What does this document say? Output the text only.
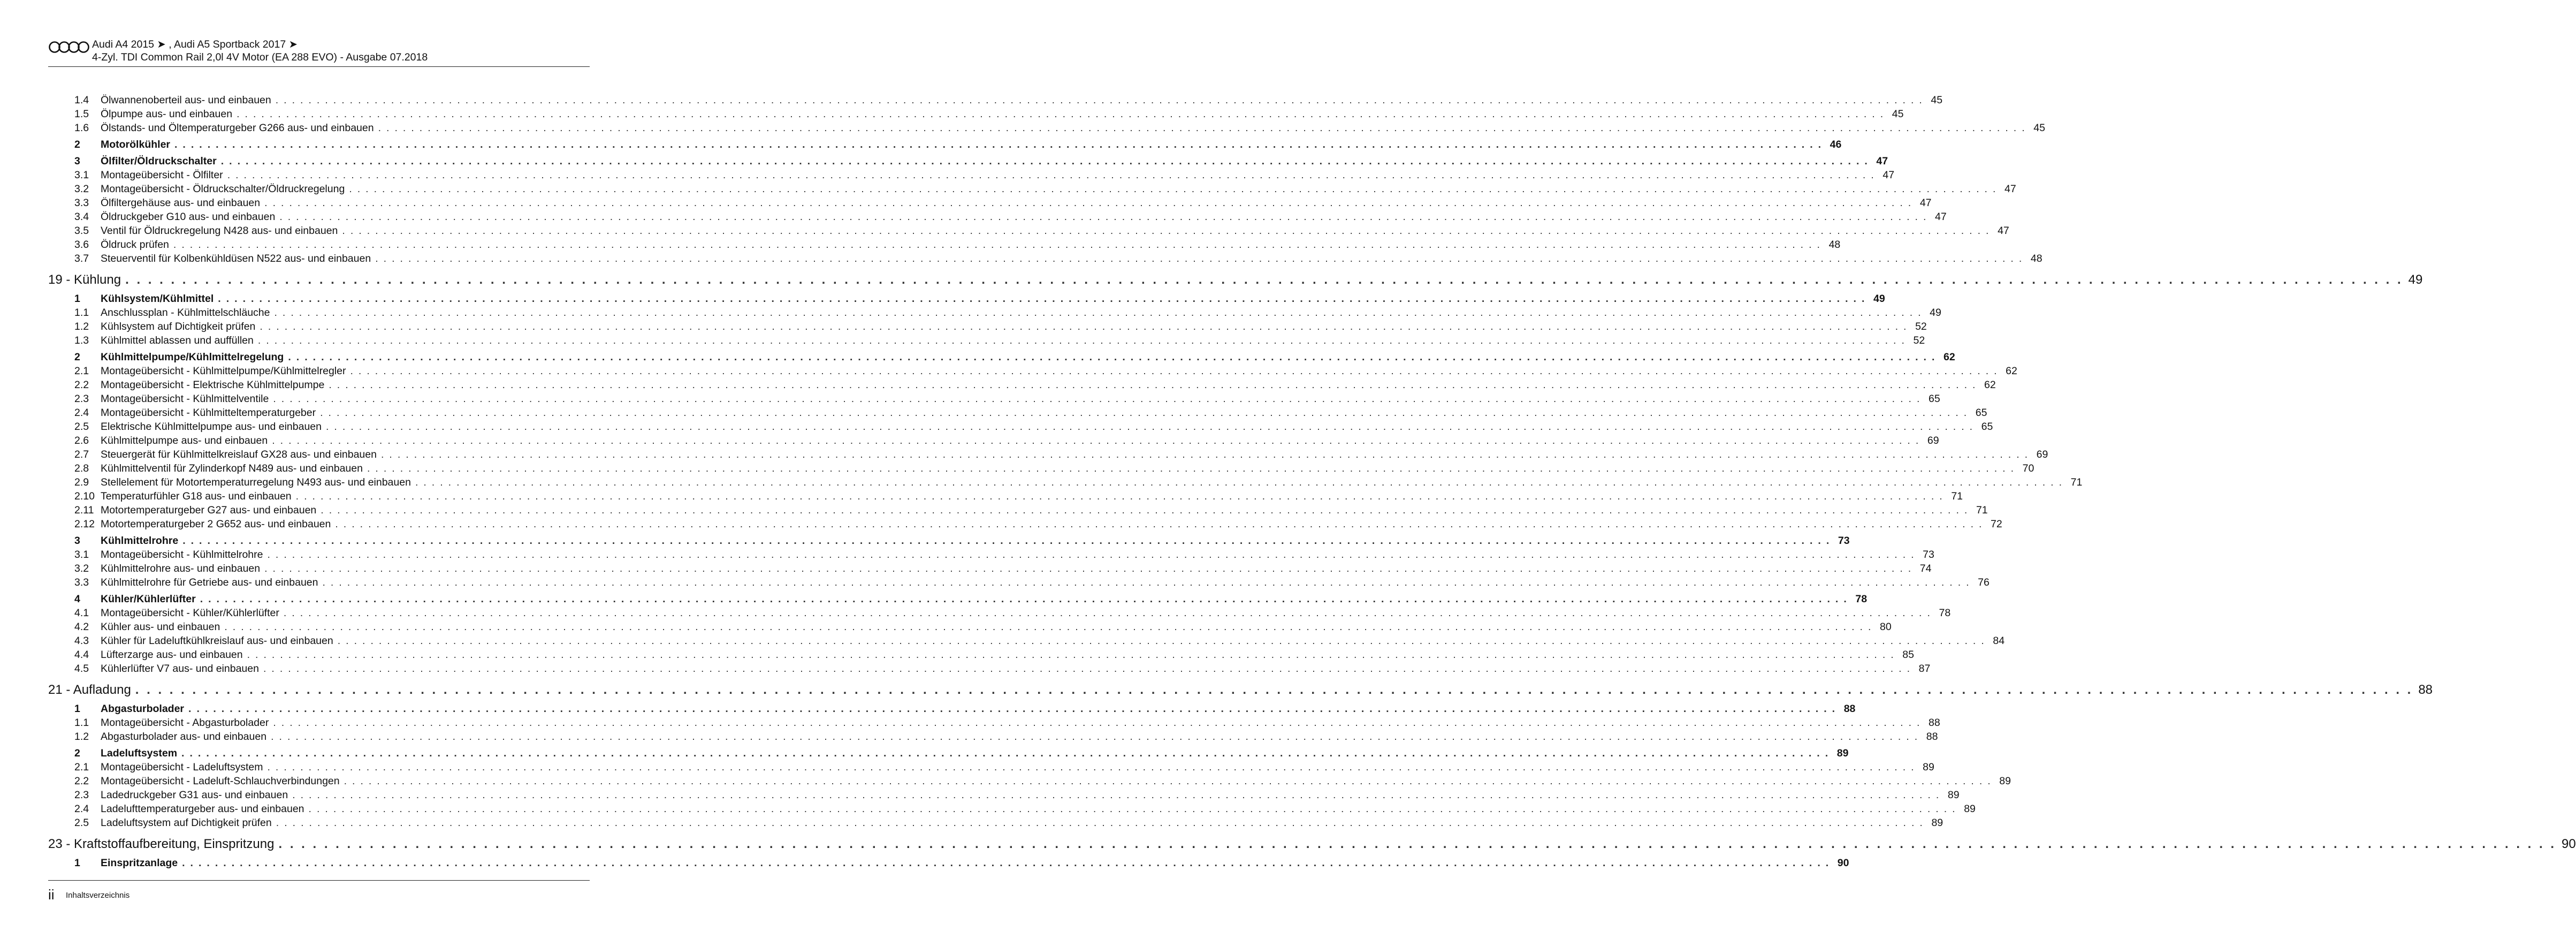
Audi A4 2015 ➤ , Audi A5 Sportback 2017 ➤
4-Zyl. TDI Common Rail 2,0l 4V Motor (EA 288 EVO) - Ausgabe 07.2018
1.4	Ölwannenoberteil aus- und einbauen . . . . . . . . . . . . . . . . . . . . . . . . . . . . . . . . . . . . . . . . . . . . . . . . . . . . . . . . . . . . . . . . . . . . . . . . . . . . . . . . . . . . . . . . . . . . . . . . . . . . . . . . . . . . . . . . . . . . . . . . . . . . . . . . . . . . . . . . . . . . . . . . . . . . . . . . . . . . . . . . . . . . . . . . . . . . . . . . . . . . . . . . . . . . . . . . . . . . . . . . 45
1.5	Ölpumpe aus- und einbauen . . . . . . . . . . . . . . . . . . . . . . . . . . . . . . . . . . . . . . . . . . . . . . . . . . . . . . . . . . . . . . . . . . . . . . . . . . . . . . . . . . . . . . . . . . . . . . . . . . . . . . . . . . . . . . . . . . . . . . . . . . . . . . . . . . . . . . . . . . . . . . . . . . . . . . . . . . . . . . . . . . . . . . . . . . . . . . . . . . . . . . . . . . . . . . . . . . . . . . . . 45
1.6	Ölstands- und Öltemperaturgeber G266 aus- und einbauen . . . . . . . . . . . . . . . . . . . . . . . . . . . . . . . . . . . . . . . . . . . . . . . . . . . . . . . . . . . . . . . . . . . . . . . . . . . . . . . . . . . . . . . . . . . . . . . . . . . . . . . . . . . . . . . . . . . . . . . . . . . . . . . . . . . . . . . . . . . . . . . . . . . . . . . . . . . . . . . . . . . . . . . . . . . . . . . . . . . . . . . . . . . . . . . . . . . . . . . . 45
2	Motorölkühler . . . . . . . . . . . . . . . . . . . . . . . . . . . . . . . . . . . . . . . . . . . . . . . . . . . . . . . . . . . . . . . . . . . . . . . . . . . . . . . . . . . . . . . . . . . . . . . . . . . . . . . . . . . . . . . . . . . . . . . . . . . . . . . . . . . . . . . . . . . . . . . . . . . . . . . . . . . . . . . . . . . . . . . . . . . . . . . . . . . . . . . . . . . . . . . . . . . . . . . . 46
3	Ölfilter/Öldruckschalter . . . . . . . . . . . . . . . . . . . . . . . . . . . . . . . . . . . . . . . . . . . . . . . . . . . . . . . . . . . . . . . . . . . . . . . . . . . . . . . . . . . . . . . . . . . . . . . . . . . . . . . . . . . . . . . . . . . . . . . . . . . . . . . . . . . . . . . . . . . . . . . . . . . . . . . . . . . . . . . . . . . . . . . . . . . . . . . . . . . . . . . . . . . . . . . . . . . . . . . . 47
3.1	Montageübersicht - Ölfilter . . . . . . . . . . . . . . . . . . . . . . . . . . . . . . . . . . . . . . . . . . . . . . . . . . . . . . . . . . . . . . . . . . . . . . . . . . . . . . . . . . . . . . . . . . . . . . . . . . . . . . . . . . . . . . . . . . . . . . . . . . . . . . . . . . . . . . . . . . . . . . . . . . . . . . . . . . . . . . . . . . . . . . . . . . . . . . . . . . . . . . . . . . . . . . . . . . . . . . . . 47
3.2	Montageübersicht - Öldruckschalter/Öldruckregelung . . . . . . . . . . . . . . . . . . . . . . . . . . . . . . . . . . . . . . . . . . . . . . . . . . . . . . . . . . . . . . . . . . . . . . . . . . . . . . . . . . . . . . . . . . . . . . . . . . . . . . . . . . . . . . . . . . . . . . . . . . . . . . . . . . . . . . . . . . . . . . . . . . . . . . . . . . . . . . . . . . . . . . . . . . . . . . . . . . . . . . . . . . . . . . . . . . . . . . . . 47
3.3	Ölfiltergehäuse aus- und einbauen . . . . . . . . . . . . . . . . . . . . . . . . . . . . . . . . . . . . . . . . . . . . . . . . . . . . . . . . . . . . . . . . . . . . . . . . . . . . . . . . . . . . . . . . . . . . . . . . . . . . . . . . . . . . . . . . . . . . . . . . . . . . . . . . . . . . . . . . . . . . . . . . . . . . . . . . . . . . . . . . . . . . . . . . . . . . . . . . . . . . . . . . . . . . . . . . . . . . . . . . 47
3.4	Öldruckgeber G10 aus- und einbauen . . . . . . . . . . . . . . . . . . . . . . . . . . . . . . . . . . . . . . . . . . . . . . . . . . . . . . . . . . . . . . . . . . . . . . . . . . . . . . . . . . . . . . . . . . . . . . . . . . . . . . . . . . . . . . . . . . . . . . . . . . . . . . . . . . . . . . . . . . . . . . . . . . . . . . . . . . . . . . . . . . . . . . . . . . . . . . . . . . . . . . . . . . . . . . . . . . . . . . . . 47
3.5	Ventil für Öldruckregelung N428 aus- und einbauen . . . . . . . . . . . . . . . . . . . . . . . . . . . . . . . . . . . . . . . . . . . . . . . . . . . . . . . . . . . . . . . . . . . . . . . . . . . . . . . . . . . . . . . . . . . . . . . . . . . . . . . . . . . . . . . . . . . . . . . . . . . . . . . . . . . . . . . . . . . . . . . . . . . . . . . . . . . . . . . . . . . . . . . . . . . . . . . . . . . . . . . . . . . . . . . . . . . . . . . . 47
3.6	Öldruck prüfen . . . . . . . . . . . . . . . . . . . . . . . . . . . . . . . . . . . . . . . . . . . . . . . . . . . . . . . . . . . . . . . . . . . . . . . . . . . . . . . . . . . . . . . . . . . . . . . . . . . . . . . . . . . . . . . . . . . . . . . . . . . . . . . . . . . . . . . . . . . . . . . . . . . . . . . . . . . . . . . . . . . . . . . . . . . . . . . . . . . . . . . . . . . . . . . . . . . . . . . . 48
3.7	Steuerventil für Kolbenkühldüsen N522 aus- und einbauen . . . . . . . . . . . . . . . . . . . . . . . . . . . . . . . . . . . . . . . . . . . . . . . . . . . . . . . . . . . . . . . . . . . . . . . . . . . . . . . . . . . . . . . . . . . . . . . . . . . . . . . . . . . . . . . . . . . . . . . . . . . . . . . . . . . . . . . . . . . . . . . . . . . . . . . . . . . . . . . . . . . . . . . . . . . . . . . . . . . . . . . . . . . . . . . . . . . . . . . . 48
19 - Kühlung . . . . . . . . . . . . . . . . . . . . . . . . . . . . . . . . . . . . . . . . . . . . . . . . . . . . . . . . . . . . . . . . . . . . . . . . . . . . . . . . . . . . . . . . . . . . . . . . . . . . . . . . . . . . . . . . . . . . . . . . . . . . . . . . . . . . . . . . . . . . . . . . . . . . . . . . . . . . . . . . . . . . . . . . . . . . . . . . . . . . . . . . . . . . . . . . . . . . . . . . 49
1	Kühlsystem/Kühlmittel . . . . . . . . . . . . . . . . . . . . . . . . . . . . . . . . . . . . . . . . . . . . . . . . . . . . . . . . . . . . . . . . . . . . . . . . . . . . . . . . . . . . . . . . . . . . . . . . . . . . . . . . . . . . . . . . . . . . . . . . . . . . . . . . . . . . . . . . . . . . . . . . . . . . . . . . . . . . . . . . . . . . . . . . . . . . . . . . . . . . . . . . . . . . . . . . . . . . . . . . 49
1.1	Anschlussplan - Kühlmittelschläuche . . . . . . . . . . . . . . . . . . . . . . . . . . . . . . . . . . . . . . . . . . . . . . . . . . . . . . . . . . . . . . . . . . . . . . . . . . . . . . . . . . . . . . . . . . . . . . . . . . . . . . . . . . . . . . . . . . . . . . . . . . . . . . . . . . . . . . . . . . . . . . . . . . . . . . . . . . . . . . . . . . . . . . . . . . . . . . . . . . . . . . . . . . . . . . . . . . . . . . . . 49
1.2	Kühlsystem auf Dichtigkeit prüfen . . . . . . . . . . . . . . . . . . . . . . . . . . . . . . . . . . . . . . . . . . . . . . . . . . . . . . . . . . . . . . . . . . . . . . . . . . . . . . . . . . . . . . . . . . . . . . . . . . . . . . . . . . . . . . . . . . . . . . . . . . . . . . . . . . . . . . . . . . . . . . . . . . . . . . . . . . . . . . . . . . . . . . . . . . . . . . . . . . . . . . . . . . . . . . . . . . . . . . . . 52
1.3	Kühlmittel ablassen und auffüllen . . . . . . . . . . . . . . . . . . . . . . . . . . . . . . . . . . . . . . . . . . . . . . . . . . . . . . . . . . . . . . . . . . . . . . . . . . . . . . . . . . . . . . . . . . . . . . . . . . . . . . . . . . . . . . . . . . . . . . . . . . . . . . . . . . . . . . . . . . . . . . . . . . . . . . . . . . . . . . . . . . . . . . . . . . . . . . . . . . . . . . . . . . . . . . . . . . . . . . . . 52
2	Kühlmittelpumpe/Kühlmittelregelung . . . . . . . . . . . . . . . . . . . . . . . . . . . . . . . . . . . . . . . . . . . . . . . . . . . . . . . . . . . . . . . . . . . . . . . . . . . . . . . . . . . . . . . . . . . . . . . . . . . . . . . . . . . . . . . . . . . . . . . . . . . . . . . . . . . . . . . . . . . . . . . . . . . . . . . . . . . . . . . . . . . . . . . . . . . . . . . . . . . . . . . . . . . . . . . . . . . . . . . . 62
2.1	Montageübersicht - Kühlmittelpumpe/Kühlmittelregler . . . . . . . . . . . . . . . . . . . . . . . . . . . . . . . . . . . . . . . . . . . . . . . . . . . . . . . . . . . . . . . . . . . . . . . . . . . . . . . . . . . . . . . . . . . . . . . . . . . . . . . . . . . . . . . . . . . . . . . . . . . . . . . . . . . . . . . . . . . . . . . . . . . . . . . . . . . . . . . . . . . . . . . . . . . . . . . . . . . . . . . . . . . . . . . . . . . . . . . . 62
2.2	Montageübersicht - Elektrische Kühlmittelpumpe . . . . . . . . . . . . . . . . . . . . . . . . . . . . . . . . . . . . . . . . . . . . . . . . . . . . . . . . . . . . . . . . . . . . . . . . . . . . . . . . . . . . . . . . . . . . . . . . . . . . . . . . . . . . . . . . . . . . . . . . . . . . . . . . . . . . . . . . . . . . . . . . . . . . . . . . . . . . . . . . . . . . . . . . . . . . . . . . . . . . . . . . . . . . . . . . . . . . . . . . 62
2.3	Montageübersicht - Kühlmittelventile . . . . . . . . . . . . . . . . . . . . . . . . . . . . . . . . . . . . . . . . . . . . . . . . . . . . . . . . . . . . . . . . . . . . . . . . . . . . . . . . . . . . . . . . . . . . . . . . . . . . . . . . . . . . . . . . . . . . . . . . . . . . . . . . . . . . . . . . . . . . . . . . . . . . . . . . . . . . . . . . . . . . . . . . . . . . . . . . . . . . . . . . . . . . . . . . . . . . . . . . 65
2.4	Montageübersicht - Kühlmitteltemperaturgeber . . . . . . . . . . . . . . . . . . . . . . . . . . . . . . . . . . . . . . . . . . . . . . . . . . . . . . . . . . . . . . . . . . . . . . . . . . . . . . . . . . . . . . . . . . . . . . . . . . . . . . . . . . . . . . . . . . . . . . . . . . . . . . . . . . . . . . . . . . . . . . . . . . . . . . . . . . . . . . . . . . . . . . . . . . . . . . . . . . . . . . . . . . . . . . . . . . . . . . . . 65
2.5	Elektrische Kühlmittelpumpe aus- und einbauen . . . . . . . . . . . . . . . . . . . . . . . . . . . . . . . . . . . . . . . . . . . . . . . . . . . . . . . . . . . . . . . . . . . . . . . . . . . . . . . . . . . . . . . . . . . . . . . . . . . . . . . . . . . . . . . . . . . . . . . . . . . . . . . . . . . . . . . . . . . . . . . . . . . . . . . . . . . . . . . . . . . . . . . . . . . . . . . . . . . . . . . . . . . . . . . . . . . . . . . . 65
2.6	Kühlmittelpumpe aus- und einbauen . . . . . . . . . . . . . . . . . . . . . . . . . . . . . . . . . . . . . . . . . . . . . . . . . . . . . . . . . . . . . . . . . . . . . . . . . . . . . . . . . . . . . . . . . . . . . . . . . . . . . . . . . . . . . . . . . . . . . . . . . . . . . . . . . . . . . . . . . . . . . . . . . . . . . . . . . . . . . . . . . . . . . . . . . . . . . . . . . . . . . . . . . . . . . . . . . . . . . . . . 69
2.7	Steuergerät für Kühlmittelkreislauf GX28 aus- und einbauen . . . . . . . . . . . . . . . . . . . . . . . . . . . . . . . . . . . . . . . . . . . . . . . . . . . . . . . . . . . . . . . . . . . . . . . . . . . . . . . . . . . . . . . . . . . . . . . . . . . . . . . . . . . . . . . . . . . . . . . . . . . . . . . . . . . . . . . . . . . . . . . . . . . . . . . . . . . . . . . . . . . . . . . . . . . . . . . . . . . . . . . . . . . . . . . . . . . . . . . . 69
2.8	Kühlmittelventil für Zylinderkopf N489 aus- und einbauen . . . . . . . . . . . . . . . . . . . . . . . . . . . . . . . . . . . . . . . . . . . . . . . . . . . . . . . . . . . . . . . . . . . . . . . . . . . . . . . . . . . . . . . . . . . . . . . . . . . . . . . . . . . . . . . . . . . . . . . . . . . . . . . . . . . . . . . . . . . . . . . . . . . . . . . . . . . . . . . . . . . . . . . . . . . . . . . . . . . . . . . . . . . . . . . . . . . . . . . . 70
2.9	Stellelement für Motortemperaturregelung N493 aus- und einbauen . . . . . . . . . . . . . . . . . . . . . . . . . . . . . . . . . . . . . . . . . . . . . . . . . . . . . . . . . . . . . . . . . . . . . . . . . . . . . . . . . . . . . . . . . . . . . . . . . . . . . . . . . . . . . . . . . . . . . . . . . . . . . . . . . . . . . . . . . . . . . . . . . . . . . . . . . . . . . . . . . . . . . . . . . . . . . . . . . . . . . . . . . . . . . . . . . . . . . . . . 71
2.10 Temperaturfühler G18 aus- und einbauen . . . . . . . . . . . . . . . . . . . . . . . . . . . . . . . . . . . . . . . . . . . . . . . . . . . . . . . . . . . . . . . . . . . . . . . . . . . . . . . . . . . . . . . . . . . . . . . . . . . . . . . . . . . . . . . . . . . . . . . . . . . . . . . . . . . . . . . . . . . . . . . . . . . . . . . . . . . . . . . . . . . . . . . . . . . . . . . . . . . . . . . . . . . . . . . . . . . . . . . . 71
2.11 Motortemperaturgeber G27 aus- und einbauen . . . . . . . . . . . . . . . . . . . . . . . . . . . . . . . . . . . . . . . . . . . . . . . . . . . . . . . . . . . . . . . . . . . . . . . . . . . . . . . . . . . . . . . . . . . . . . . . . . . . . . . . . . . . . . . . . . . . . . . . . . . . . . . . . . . . . . . . . . . . . . . . . . . . . . . . . . . . . . . . . . . . . . . . . . . . . . . . . . . . . . . . . . . . . . . . . . . . . . . . 71
2.12 Motortemperaturgeber 2 G652 aus- und einbauen . . . . . . . . . . . . . . . . . . . . . . . . . . . . . . . . . . . . . . . . . . . . . . . . . . . . . . . . . . . . . . . . . . . . . . . . . . . . . . . . . . . . . . . . . . . . . . . . . . . . . . . . . . . . . . . . . . . . . . . . . . . . . . . . . . . . . . . . . . . . . . . . . . . . . . . . . . . . . . . . . . . . . . . . . . . . . . . . . . . . . . . . . . . . . . . . . . . . . . . . 72
3	Kühlmittelrohre . . . . . . . . . . . . . . . . . . . . . . . . . . . . . . . . . . . . . . . . . . . . . . . . . . . . . . . . . . . . . . . . . . . . . . . . . . . . . . . . . . . . . . . . . . . . . . . . . . . . . . . . . . . . . . . . . . . . . . . . . . . . . . . . . . . . . . . . . . . . . . . . . . . . . . . . . . . . . . . . . . . . . . . . . . . . . . . . . . . . . . . . . . . . . . . . . . . . . . . . 73
3.1	Montageübersicht - Kühlmittelrohre . . . . . . . . . . . . . . . . . . . . . . . . . . . . . . . . . . . . . . . . . . . . . . . . . . . . . . . . . . . . . . . . . . . . . . . . . . . . . . . . . . . . . . . . . . . . . . . . . . . . . . . . . . . . . . . . . . . . . . . . . . . . . . . . . . . . . . . . . . . . . . . . . . . . . . . . . . . . . . . . . . . . . . . . . . . . . . . . . . . . . . . . . . . . . . . . . . . . . . . . 73
3.2	Kühlmittelrohre aus- und einbauen . . . . . . . . . . . . . . . . . . . . . . . . . . . . . . . . . . . . . . . . . . . . . . . . . . . . . . . . . . . . . . . . . . . . . . . . . . . . . . . . . . . . . . . . . . . . . . . . . . . . . . . . . . . . . . . . . . . . . . . . . . . . . . . . . . . . . . . . . . . . . . . . . . . . . . . . . . . . . . . . . . . . . . . . . . . . . . . . . . . . . . . . . . . . . . . . . . . . . . . . 74
3.3	Kühlmittelrohre für Getriebe aus- und einbauen . . . . . . . . . . . . . . . . . . . . . . . . . . . . . . . . . . . . . . . . . . . . . . . . . . . . . . . . . . . . . . . . . . . . . . . . . . . . . . . . . . . . . . . . . . . . . . . . . . . . . . . . . . . . . . . . . . . . . . . . . . . . . . . . . . . . . . . . . . . . . . . . . . . . . . . . . . . . . . . . . . . . . . . . . . . . . . . . . . . . . . . . . . . . . . . . . . . . . . . . 76
4	Kühler/Kühlerlüfter . . . . . . . . . . . . . . . . . . . . . . . . . . . . . . . . . . . . . . . . . . . . . . . . . . . . . . . . . . . . . . . . . . . . . . . . . . . . . . . . . . . . . . . . . . . . . . . . . . . . . . . . . . . . . . . . . . . . . . . . . . . . . . . . . . . . . . . . . . . . . . . . . . . . . . . . . . . . . . . . . . . . . . . . . . . . . . . . . . . . . . . . . . . . . . . . . . . . . . . . 78
4.1	Montageübersicht - Kühler/Kühlerlüfter . . . . . . . . . . . . . . . . . . . . . . . . . . . . . . . . . . . . . . . . . . . . . . . . . . . . . . . . . . . . . . . . . . . . . . . . . . . . . . . . . . . . . . . . . . . . . . . . . . . . . . . . . . . . . . . . . . . . . . . . . . . . . . . . . . . . . . . . . . . . . . . . . . . . . . . . . . . . . . . . . . . . . . . . . . . . . . . . . . . . . . . . . . . . . . . . . . . . . . . . 78
4.2	Kühler aus- und einbauen . . . . . . . . . . . . . . . . . . . . . . . . . . . . . . . . . . . . . . . . . . . . . . . . . . . . . . . . . . . . . . . . . . . . . . . . . . . . . . . . . . . . . . . . . . . . . . . . . . . . . . . . . . . . . . . . . . . . . . . . . . . . . . . . . . . . . . . . . . . . . . . . . . . . . . . . . . . . . . . . . . . . . . . . . . . . . . . . . . . . . . . . . . . . . . . . . . . . . . . . 80
4.3	Kühler für Ladeluftkühlkreislauf aus- und einbauen . . . . . . . . . . . . . . . . . . . . . . . . . . . . . . . . . . . . . . . . . . . . . . . . . . . . . . . . . . . . . . . . . . . . . . . . . . . . . . . . . . . . . . . . . . . . . . . . . . . . . . . . . . . . . . . . . . . . . . . . . . . . . . . . . . . . . . . . . . . . . . . . . . . . . . . . . . . . . . . . . . . . . . . . . . . . . . . . . . . . . . . . . . . . . . . . . . . . . . . . 84
4.4	Lüfterzarge aus- und einbauen . . . . . . . . . . . . . . . . . . . . . . . . . . . . . . . . . . . . . . . . . . . . . . . . . . . . . . . . . . . . . . . . . . . . . . . . . . . . . . . . . . . . . . . . . . . . . . . . . . . . . . . . . . . . . . . . . . . . . . . . . . . . . . . . . . . . . . . . . . . . . . . . . . . . . . . . . . . . . . . . . . . . . . . . . . . . . . . . . . . . . . . . . . . . . . . . . . . . . . . . 85
4.5	Kühlerlüfter V7 aus- und einbauen . . . . . . . . . . . . . . . . . . . . . . . . . . . . . . . . . . . . . . . . . . . . . . . . . . . . . . . . . . . . . . . . . . . . . . . . . . . . . . . . . . . . . . . . . . . . . . . . . . . . . . . . . . . . . . . . . . . . . . . . . . . . . . . . . . . . . . . . . . . . . . . . . . . . . . . . . . . . . . . . . . . . . . . . . . . . . . . . . . . . . . . . . . . . . . . . . . . . . . . . 87
21 - Aufladung . . . . . . . . . . . . . . . . . . . . . . . . . . . . . . . . . . . . . . . . . . . . . . . . . . . . . . . . . . . . . . . . . . . . . . . . . . . . . . . . . . . . . . . . . . . . . . . . . . . . . . . . . . . . . . . . . . . . . . . . . . . . . . . . . . . . . . . . . . . . . . . . . . . . . . . . . . . . . . . . . . . . . . . . . . . . . . . . . . . . . . . . . . . . . . . . . . . . . . . . 88
1	Abgasturbolader . . . . . . . . . . . . . . . . . . . . . . . . . . . . . . . . . . . . . . . . . . . . . . . . . . . . . . . . . . . . . . . . . . . . . . . . . . . . . . . . . . . . . . . . . . . . . . . . . . . . . . . . . . . . . . . . . . . . . . . . . . . . . . . . . . . . . . . . . . . . . . . . . . . . . . . . . . . . . . . . . . . . . . . . . . . . . . . . . . . . . . . . . . . . . . . . . . . . . . . . 88
1.1	Montageübersicht - Abgasturbolader . . . . . . . . . . . . . . . . . . . . . . . . . . . . . . . . . . . . . . . . . . . . . . . . . . . . . . . . . . . . . . . . . . . . . . . . . . . . . . . . . . . . . . . . . . . . . . . . . . . . . . . . . . . . . . . . . . . . . . . . . . . . . . . . . . . . . . . . . . . . . . . . . . . . . . . . . . . . . . . . . . . . . . . . . . . . . . . . . . . . . . . . . . . . . . . . . . . . . . . . 88
1.2	Abgasturbolader aus- und einbauen . . . . . . . . . . . . . . . . . . . . . . . . . . . . . . . . . . . . . . . . . . . . . . . . . . . . . . . . . . . . . . . . . . . . . . . . . . . . . . . . . . . . . . . . . . . . . . . . . . . . . . . . . . . . . . . . . . . . . . . . . . . . . . . . . . . . . . . . . . . . . . . . . . . . . . . . . . . . . . . . . . . . . . . . . . . . . . . . . . . . . . . . . . . . . . . . . . . . . . . . 88
2	Ladeluftsystem . . . . . . . . . . . . . . . . . . . . . . . . . . . . . . . . . . . . . . . . . . . . . . . . . . . . . . . . . . . . . . . . . . . . . . . . . . . . . . . . . . . . . . . . . . . . . . . . . . . . . . . . . . . . . . . . . . . . . . . . . . . . . . . . . . . . . . . . . . . . . . . . . . . . . . . . . . . . . . . . . . . . . . . . . . . . . . . . . . . . . . . . . . . . . . . . . . . . . . . . 89
2.1	Montageübersicht - Ladeluftsystem . . . . . . . . . . . . . . . . . . . . . . . . . . . . . . . . . . . . . . . . . . . . . . . . . . . . . . . . . . . . . . . . . . . . . . . . . . . . . . . . . . . . . . . . . . . . . . . . . . . . . . . . . . . . . . . . . . . . . . . . . . . . . . . . . . . . . . . . . . . . . . . . . . . . . . . . . . . . . . . . . . . . . . . . . . . . . . . . . . . . . . . . . . . . . . . . . . . . . . . . 89
2.2	Montageübersicht - Ladeluft-Schlauchverbindungen . . . . . . . . . . . . . . . . . . . . . . . . . . . . . . . . . . . . . . . . . . . . . . . . . . . . . . . . . . . . . . . . . . . . . . . . . . . . . . . . . . . . . . . . . . . . . . . . . . . . . . . . . . . . . . . . . . . . . . . . . . . . . . . . . . . . . . . . . . . . . . . . . . . . . . . . . . . . . . . . . . . . . . . . . . . . . . . . . . . . . . . . . . . . . . . . . . . . . . . . 89
2.3	Ladedruckgeber G31 aus- und einbauen . . . . . . . . . . . . . . . . . . . . . . . . . . . . . . . . . . . . . . . . . . . . . . . . . . . . . . . . . . . . . . . . . . . . . . . . . . . . . . . . . . . . . . . . . . . . . . . . . . . . . . . . . . . . . . . . . . . . . . . . . . . . . . . . . . . . . . . . . . . . . . . . . . . . . . . . . . . . . . . . . . . . . . . . . . . . . . . . . . . . . . . . . . . . . . . . . . . . . . . . 89
2.4	Ladelufttemperaturgeber aus- und einbauen . . . . . . . . . . . . . . . . . . . . . . . . . . . . . . . . . . . . . . . . . . . . . . . . . . . . . . . . . . . . . . . . . . . . . . . . . . . . . . . . . . . . . . . . . . . . . . . . . . . . . . . . . . . . . . . . . . . . . . . . . . . . . . . . . . . . . . . . . . . . . . . . . . . . . . . . . . . . . . . . . . . . . . . . . . . . . . . . . . . . . . . . . . . . . . . . . . . . . . . . 89
2.5	Ladeluftsystem auf Dichtigkeit prüfen . . . . . . . . . . . . . . . . . . . . . . . . . . . . . . . . . . . . . . . . . . . . . . . . . . . . . . . . . . . . . . . . . . . . . . . . . . . . . . . . . . . . . . . . . . . . . . . . . . . . . . . . . . . . . . . . . . . . . . . . . . . . . . . . . . . . . . . . . . . . . . . . . . . . . . . . . . . . . . . . . . . . . . . . . . . . . . . . . . . . . . . . . . . . . . . . . . . . . . . . 89
23 - Kraftstoffaufbereitung, Einspritzung . . . . . . . . . . . . . . . . . . . . . . . . . . . . . . . . . . . . . . . . . . . . . . . . . . . . . . . . . . . . . . . . . . . . . . . . . . . . . . . . . . . . . . . . . . . . . . . . . . . . . . . . . . . . . . . . . . . . . . . . . . . . . . . . . . . . . . . . . . . . . . . . . . . . . . . . . . . . . . . . . . . . . . . . . . . . . . . . . . . . . . . . . . . . . . . . . . . . . . . . 90
1	Einspritzanlage . . . . . . . . . . . . . . . . . . . . . . . . . . . . . . . . . . . . . . . . . . . . . . . . . . . . . . . . . . . . . . . . . . . . . . . . . . . . . . . . . . . . . . . . . . . . . . . . . . . . . . . . . . . . . . . . . . . . . . . . . . . . . . . . . . . . . . . . . . . . . . . . . . . . . . . . . . . . . . . . . . . . . . . . . . . . . . . . . . . . . . . . . . . . . . . . . . . . . . . . 90
ii Inhaltsverzeichnis
